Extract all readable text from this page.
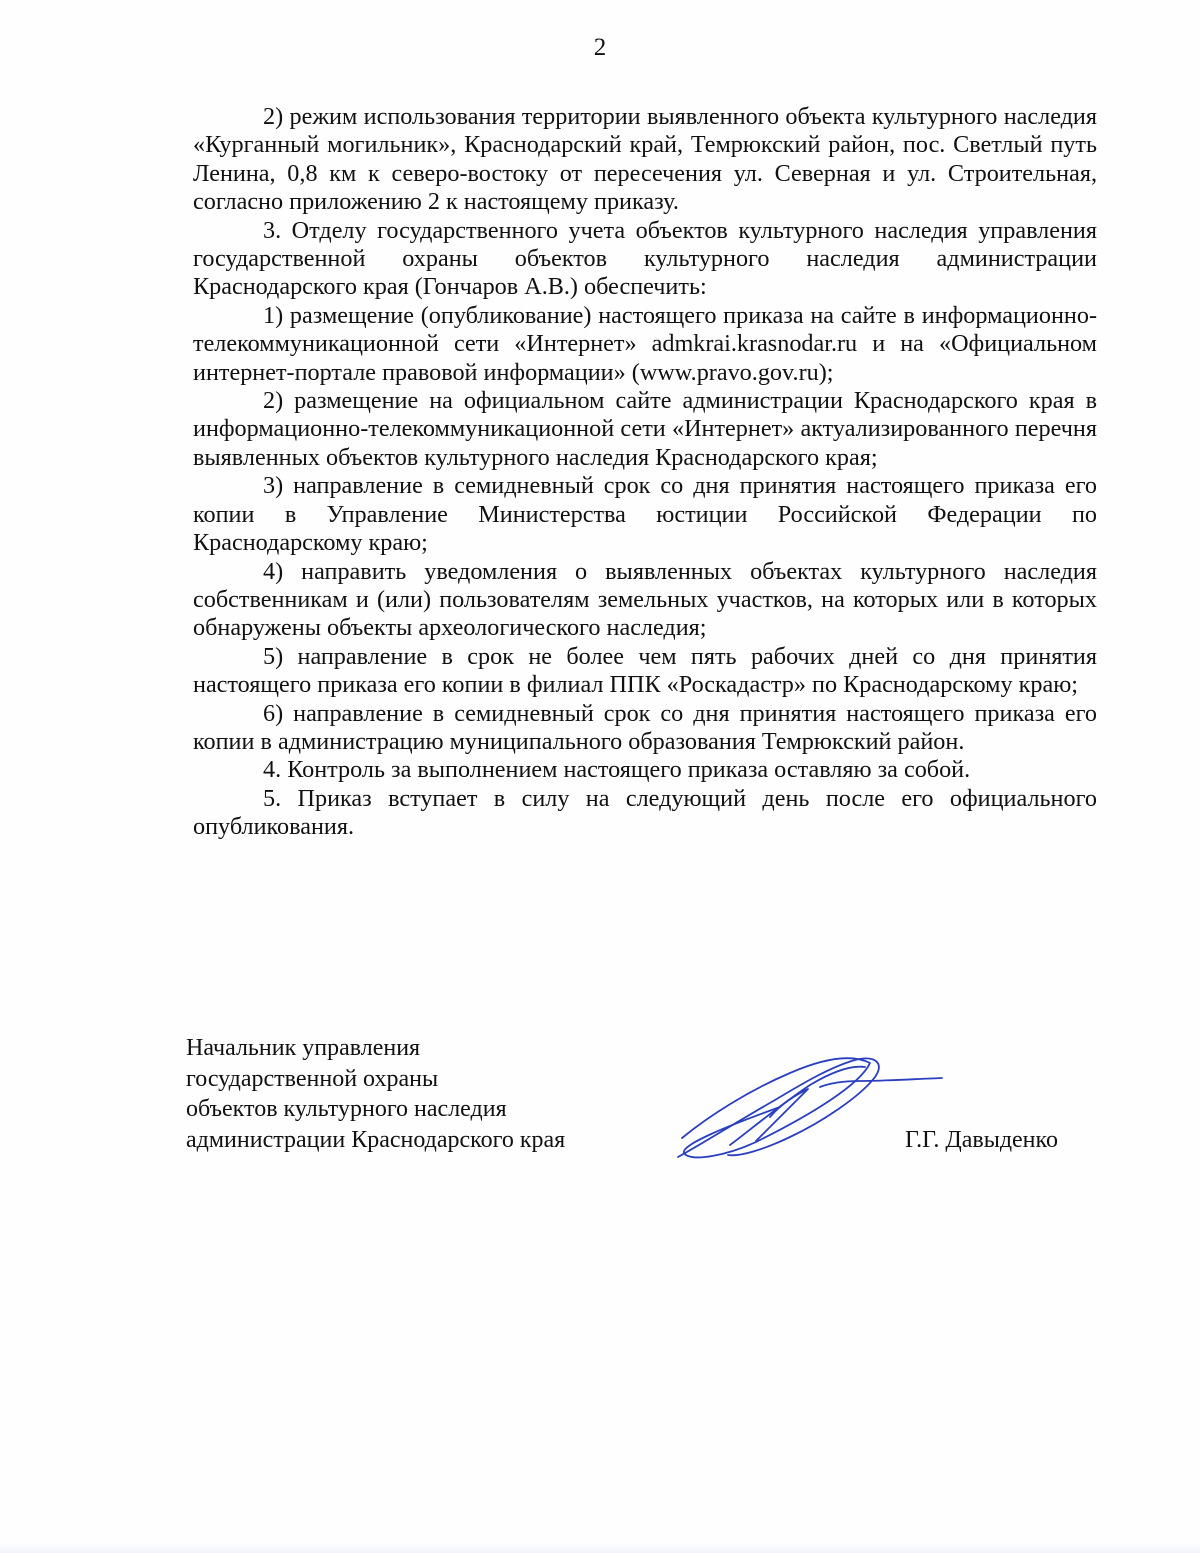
2

2) режим использования территории выявленного объекта культурного наследия «Курганный могильник», Краснодарский край, Темрюкский район, пос. Светлый путь Ленина, 0,8 км к северо-востоку от пересечения ул. Северная и ул. Строительная, согласно приложению 2 к настоящему приказу.

3. Отделу государственного учета объектов культурного наследия управления государственной охраны объектов культурного наследия администрации Краснодарского края (Гончаров А.В.) обеспечить:

1) размещение (опубликование) настоящего приказа на сайте в информационно-телекоммуникационной сети «Интернет» admkrai.krasnodar.ru и на «Официальном интернет-портале правовой информации» (www.pravo.gov.ru);

2) размещение на официальном сайте администрации Краснодарского края в информационно-телекоммуникационной сети «Интернет» актуализированного перечня выявленных объектов культурного наследия Краснодарского края;

3) направление в семидневный срок со дня принятия настоящего приказа его копии в Управление Министерства юстиции Российской Федерации по Краснодарскому краю;

4) направить уведомления о выявленных объектах культурного наследия собственникам и (или) пользователям земельных участков, на которых или в которых обнаружены объекты археологического наследия;

5) направление в срок не более чем пять рабочих дней со дня принятия настоящего приказа его копии в филиал ППК «Роскадастр» по Краснодарскому краю;

6) направление в семидневный срок со дня принятия настоящего приказа его копии в администрацию муниципального образования Темрюкский район.

4. Контроль за выполнением настоящего приказа оставляю за собой.

5. Приказ вступает в силу на следующий день после его официального опубликования.

Начальник управления
государственной охраны
объектов культурного наследия
администрации Краснодарского края	Г.Г. Давыденко
